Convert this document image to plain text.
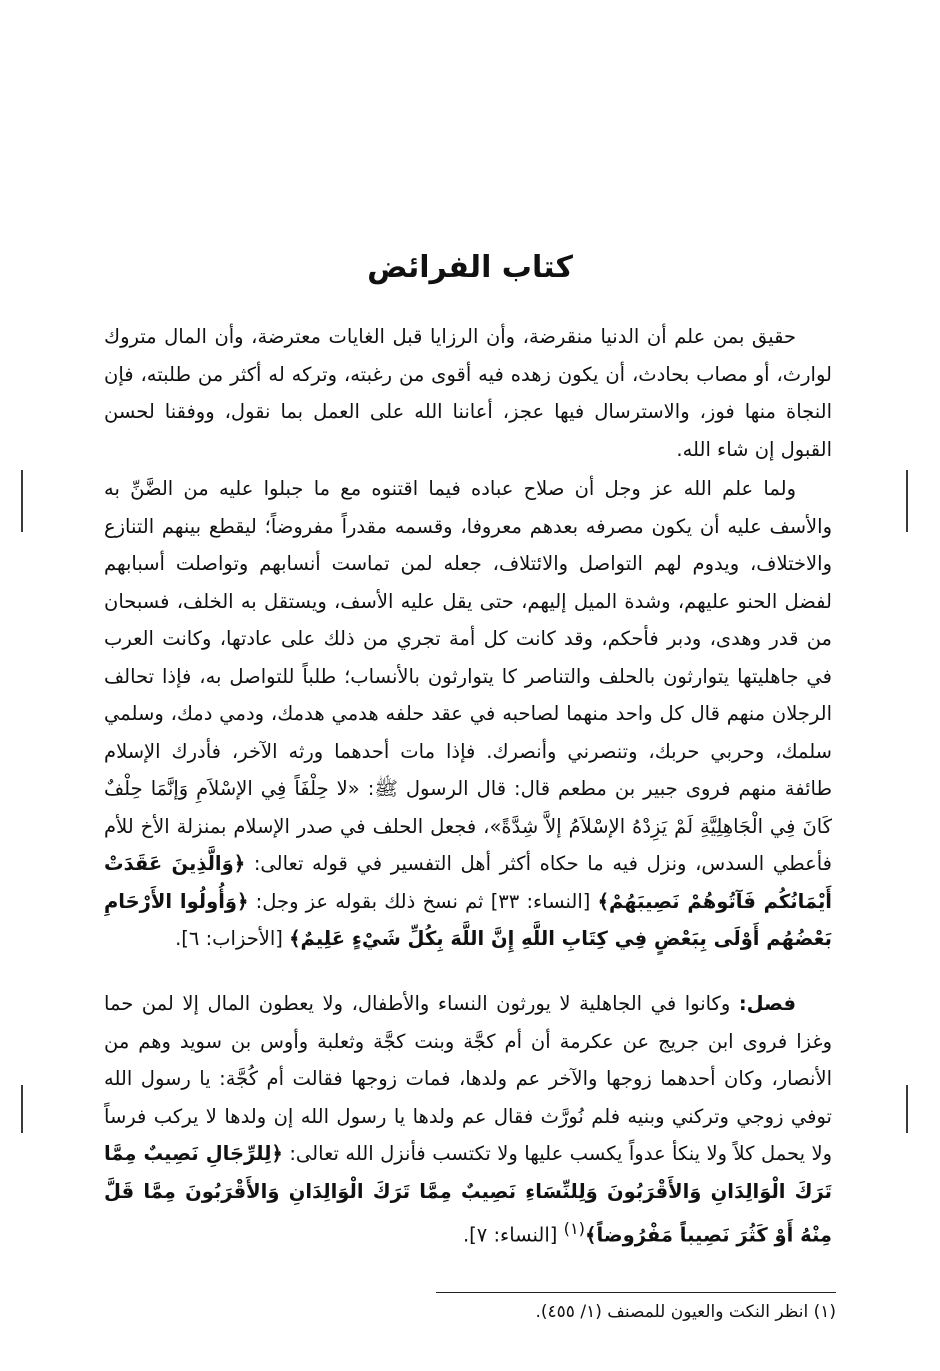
كتاب الفرائض

حقيق بمن علم أن الدنيا منقرضة، وأن الرزايا قبل الغايات معترضة، وأن المال متروك لوارث، أو مصاب بحادث، أن يكون زهده فيه أقوى من رغبته، وتركه له أكثر من طلبته، فإن النجاة منها فوز، والاسترسال فيها عجز، أعاننا الله على العمل بما نقول، ووفقنا لحسن القبول إن شاء الله.

ولما علم الله عز وجل أن صلاح عباده فيما اقتنوه مع ما جبلوا عليه من الضَّنِّ به والأسف عليه أن يكون مصرفه بعدهم معروفا، وقسمه مقدراً مفروضاً؛ ليقطع بينهم التنازع والاختلاف، ويدوم لهم التواصل والائتلاف، جعله لمن تماست أنسابهم وتواصلت أسبابهم لفضل الحنو عليهم، وشدة الميل إليهم، حتى يقل عليه الأسف، ويستقل به الخلف، فسبحان من قدر وهدى، ودبر فأحكم، وقد كانت كل أمة تجري من ذلك على عادتها، وكانت العرب في جاهليتها يتوارثون بالحلف والتناصر كا يتوارثون بالأنساب؛ طلباً للتواصل به، فإذا تحالف الرجلان منهم قال كل واحد منهما لصاحبه في عقد حلفه هدمي هدمك، ودمي دمك، وسلمي سلمك، وحربي حربك، وتنصرني وأنصرك. فإذا مات أحدهما ورثه الآخر، فأدرك الإسلام طائفة منهم فروى جبير بن مطعم قال: قال الرسول ﷺ: «لا حِلْفَاً فِي الإسْلاَمِ وَإنَّمَا حِلْفٌ كَانَ فِي الْجَاهِلِيَّةِ لَمْ يَزِدْهُ الإسْلاَمُ إلاَّ شِدَّةً»، فجعل الحلف في صدر الإسلام بمنزلة الأخ للأم فأعطي السدس، ونزل فيه ما حكاه أكثر أهل التفسير في قوله تعالى: ﴿وَالَّذِينَ عَقَدَتْ أَيْمَانُكُم فَآتُوهُمْ نَصِيبَهُمْ﴾ [النساء: ٣٣] ثم نسخ ذلك بقوله عز وجل: ﴿وَأُولُوا الأَرْحَامِ بَعْضُهُم أَوْلَى بِبَعْضٍ فِي كِتَابِ اللَّهِ إِنَّ اللَّهَ بِكُلِّ شَيْءٍ عَلِيمٌ﴾ [الأحزاب: ٦].

فصل: وكانوا في الجاهلية لا يورثون النساء والأطفال، ولا يعطون المال إلا لمن حما وغزا فروى ابن جريج عن عكرمة أن أم كجَّة وبنت كجَّة وثعلبة وأوس بن سويد وهم من الأنصار، وكان أحدهما زوجها والآخر عم ولدها، فمات زوجها فقالت أم كُجَّة: يا رسول الله توفي زوجي وتركني وبنيه فلم نُورَّث فقال عم ولدها يا رسول الله إن ولدها لا يركب فرساً ولا يحمل كلاً ولا ينكأ عدواً يكسب عليها ولا تكتسب فأنزل الله تعالى: ﴿لِلرِّجَالِ نَصِيبٌ مِمَّا تَرَكَ الْوَالِدَانِ وَالأَقْرَبُونَ وَلِلنِّسَاءِ نَصِيبٌ مِمَّا تَرَكَ الْوَالِدَانِ وَالأَقْرَبُونَ مِمَّا قَلَّ مِنْهُ أَوْ كَثُرَ نَصِيباً مَفْرُوضاً﴾$^{(١)}$ [النساء: ٧].

(١) انظر النكت والعيون للمصنف (١/ ٤٥٥).
